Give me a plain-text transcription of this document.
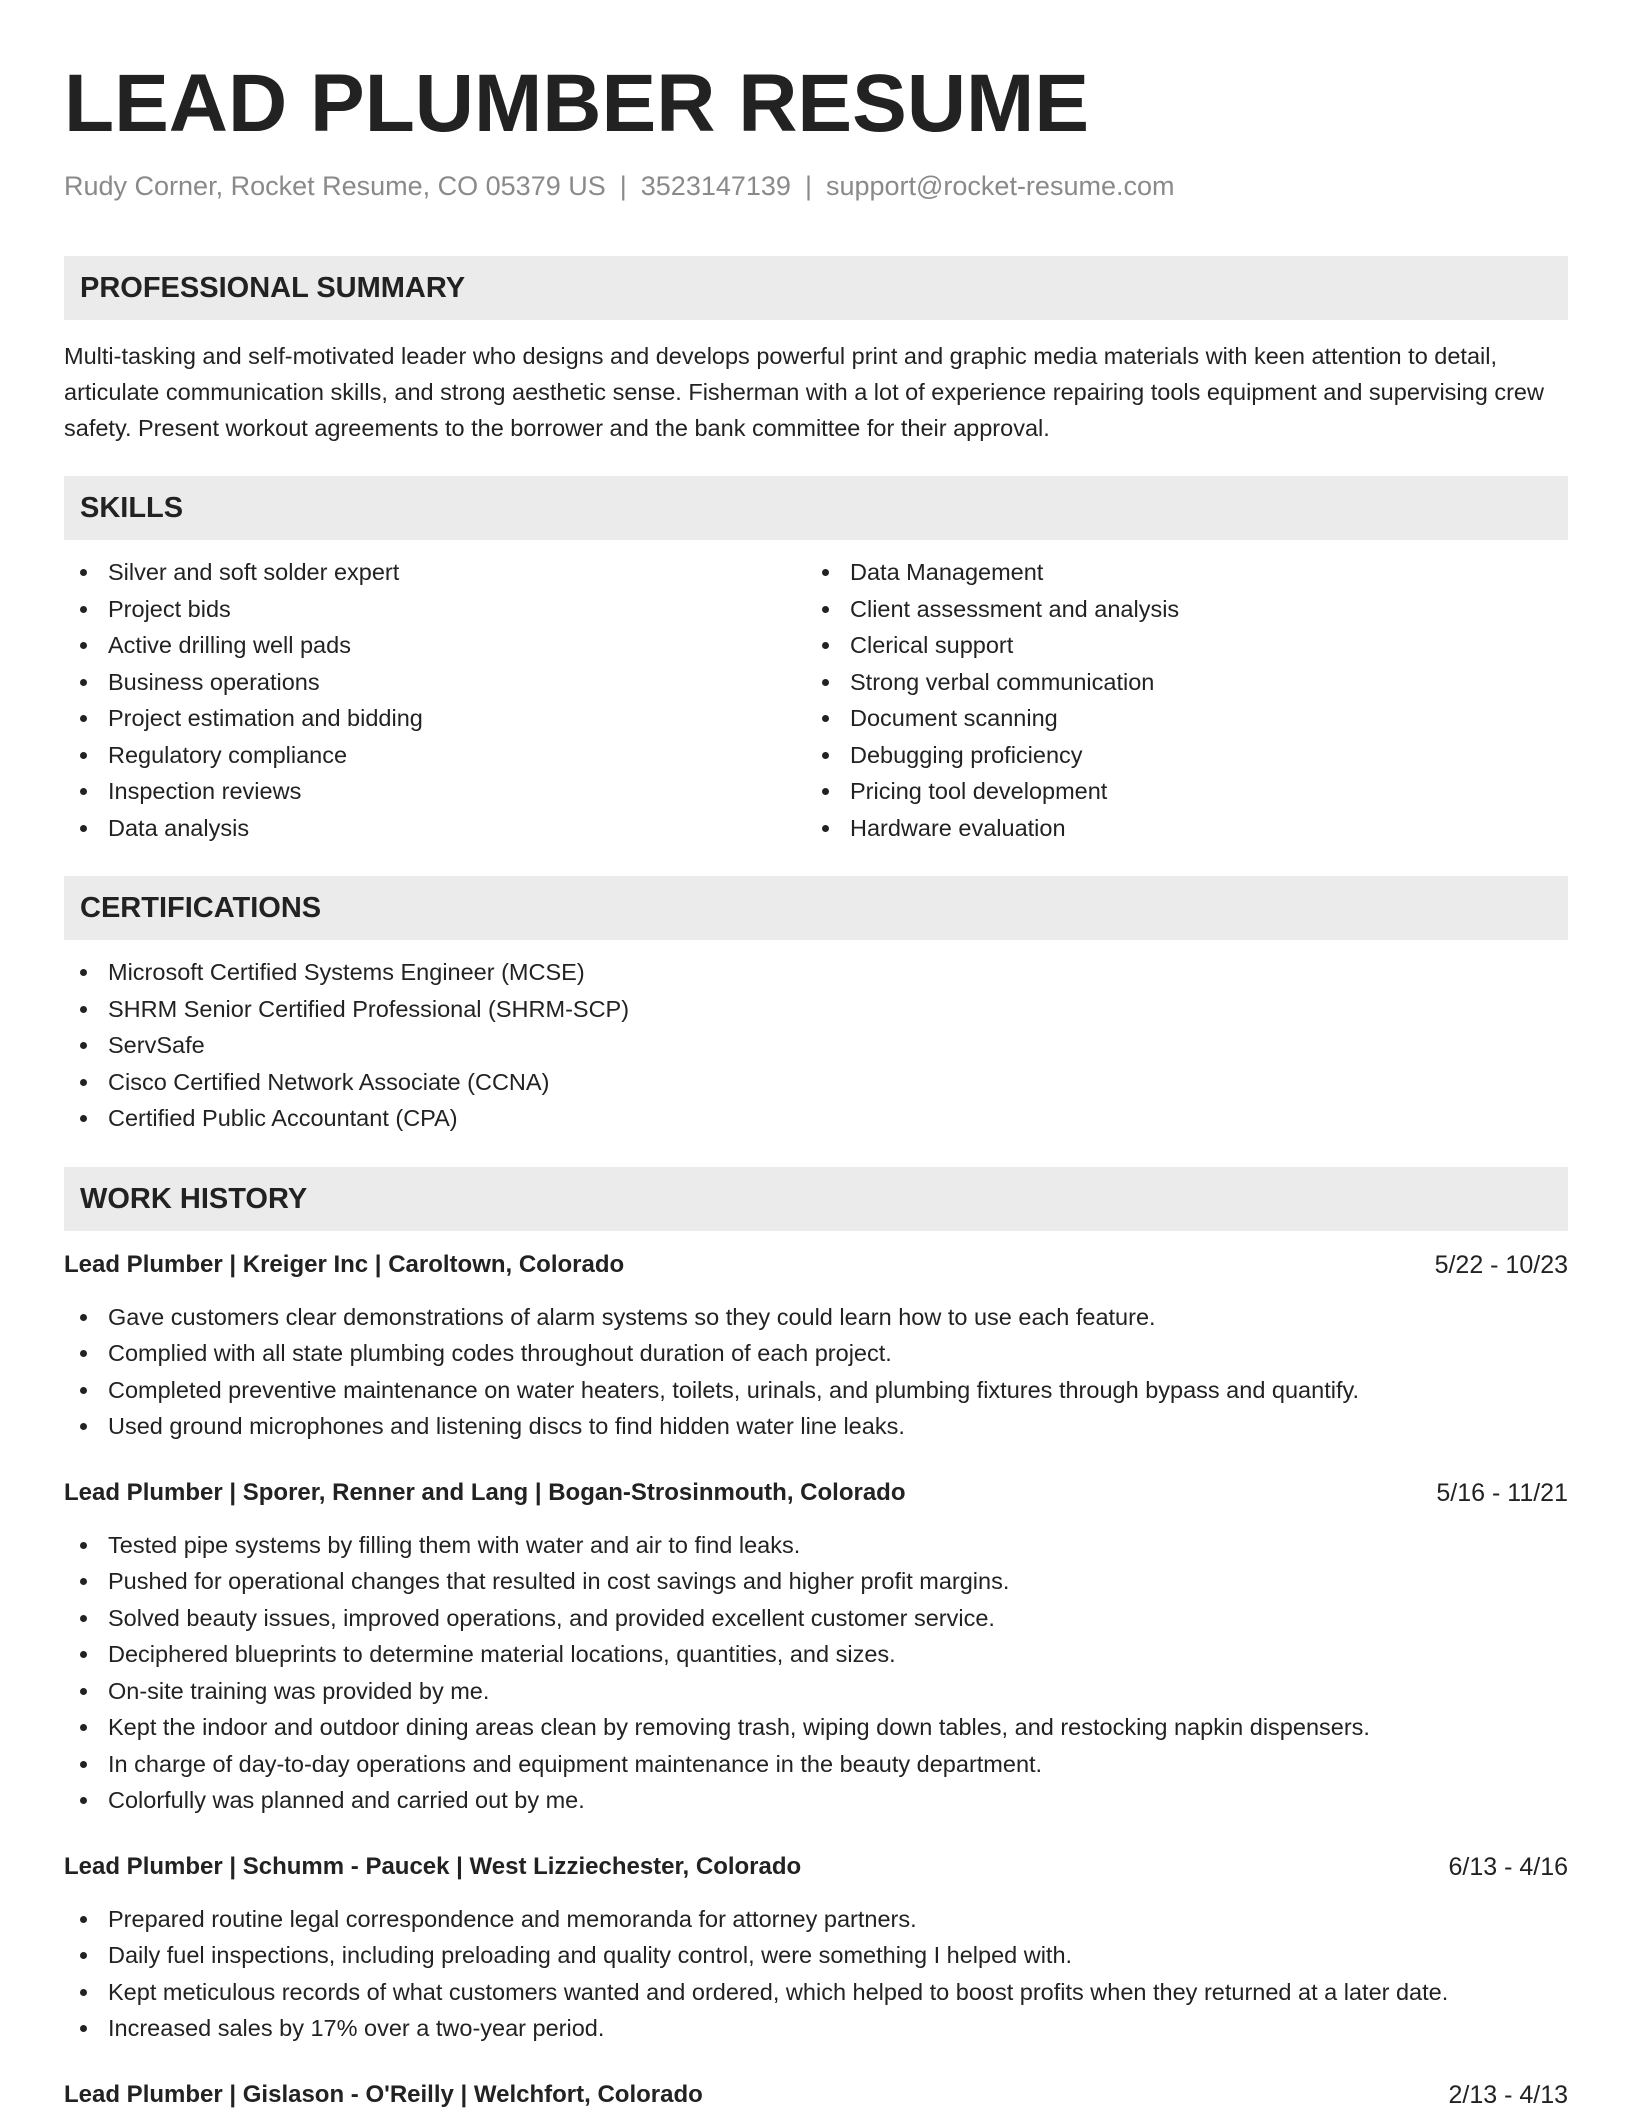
LEAD PLUMBER RESUME
Rudy Corner, Rocket Resume, CO 05379 US | 3523147139 | support@rocket-resume.com
PROFESSIONAL SUMMARY
Multi-tasking and self-motivated leader who designs and develops powerful print and graphic media materials with keen attention to detail, articulate communication skills, and strong aesthetic sense. Fisherman with a lot of experience repairing tools equipment and supervising crew safety. Present workout agreements to the borrower and the bank committee for their approval.
SKILLS
Silver and soft solder expert
Project bids
Active drilling well pads
Business operations
Project estimation and bidding
Regulatory compliance
Inspection reviews
Data analysis
Data Management
Client assessment and analysis
Clerical support
Strong verbal communication
Document scanning
Debugging proficiency
Pricing tool development
Hardware evaluation
CERTIFICATIONS
Microsoft Certified Systems Engineer (MCSE)
SHRM Senior Certified Professional (SHRM-SCP)
ServSafe
Cisco Certified Network Associate (CCNA)
Certified Public Accountant (CPA)
WORK HISTORY
Lead Plumber | Kreiger Inc | Caroltown, Colorado	5/22 - 10/23
Gave customers clear demonstrations of alarm systems so they could learn how to use each feature.
Complied with all state plumbing codes throughout duration of each project.
Completed preventive maintenance on water heaters, toilets, urinals, and plumbing fixtures through bypass and quantify.
Used ground microphones and listening discs to find hidden water line leaks.
Lead Plumber | Sporer, Renner and Lang | Bogan-Strosinmouth, Colorado	5/16 - 11/21
Tested pipe systems by filling them with water and air to find leaks.
Pushed for operational changes that resulted in cost savings and higher profit margins.
Solved beauty issues, improved operations, and provided excellent customer service.
Deciphered blueprints to determine material locations, quantities, and sizes.
On-site training was provided by me.
Kept the indoor and outdoor dining areas clean by removing trash, wiping down tables, and restocking napkin dispensers.
In charge of day-to-day operations and equipment maintenance in the beauty department.
Colorfully was planned and carried out by me.
Lead Plumber | Schumm - Paucek | West Lizziechester, Colorado	6/13 - 4/16
Prepared routine legal correspondence and memoranda for attorney partners.
Daily fuel inspections, including preloading and quality control, were something I helped with.
Kept meticulous records of what customers wanted and ordered, which helped to boost profits when they returned at a later date.
Increased sales by 17% over a two-year period.
Lead Plumber | Gislason - O'Reilly | Welchfort, Colorado	2/13 - 4/13
